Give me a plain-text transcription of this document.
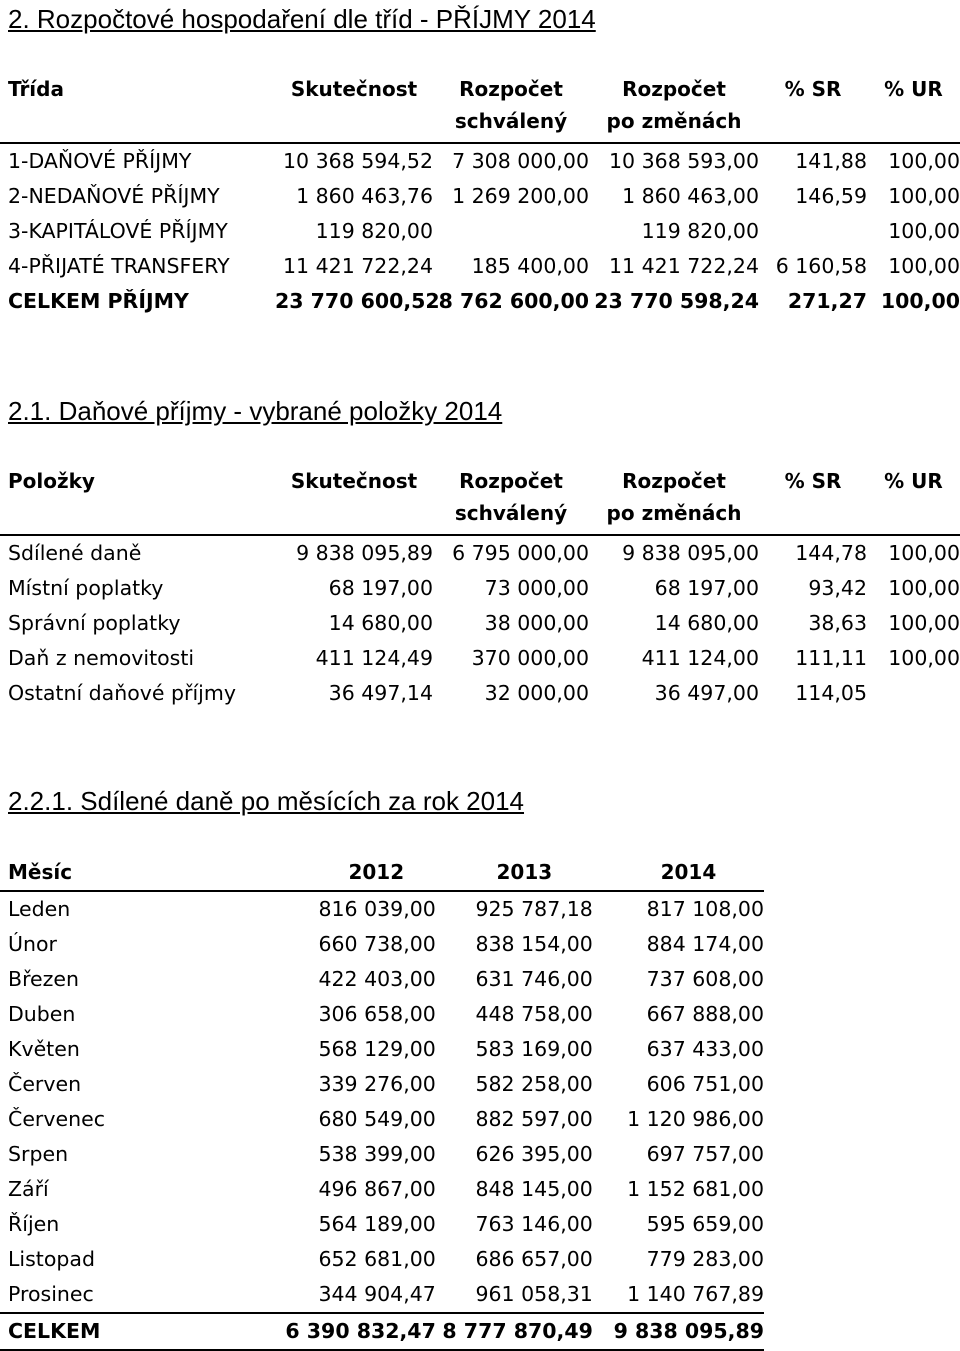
2. Rozpočtové hospodaření dle tříd - PŘÍJMY 2014
Třída	Skutečnost	Rozpočet	Rozpočet	% SR	% UR
		schválený	po změnách		
1-DAŇOVÉ PŘÍJMY	10 368 594,52	7 308 000,00	10 368 593,00	141,88	100,00
2-NEDAŇOVÉ PŘÍJMY	1 860 463,76	1 269 200,00	1 860 463,00	146,59	100,00
3-KAPITÁLOVÉ PŘÍJMY	119 820,00		119 820,00		100,00
4-PŘIJATÉ TRANSFERY	11 421 722,24	185 400,00	11 421 722,24	6 160,58	100,00
CELKEM PŘÍJMY	23 770 600,52	8 762 600,00	23 770 598,24	271,27	100,00
2.1. Daňové příjmy - vybrané položky 2014
Položky	Skutečnost	Rozpočet	Rozpočet	% SR	% UR
		schválený	po změnách		
Sdílené daně	9 838 095,89	6 795 000,00	9 838 095,00	144,78	100,00
Místní poplatky	68 197,00	73 000,00	68 197,00	93,42	100,00
Správní poplatky	14 680,00	38 000,00	14 680,00	38,63	100,00
Daň z nemovitosti	411 124,49	370 000,00	411 124,00	111,11	100,00
Ostatní daňové příjmy	36 497,14	32 000,00	36 497,00	114,05	
2.2.1. Sdílené daně po měsících za rok 2014
Měsíc	2012	2013	2014
Leden	816 039,00	925 787,18	817 108,00
Únor	660 738,00	838 154,00	884 174,00
Březen	422 403,00	631 746,00	737 608,00
Duben	306 658,00	448 758,00	667 888,00
Květen	568 129,00	583 169,00	637 433,00
Červen	339 276,00	582 258,00	606 751,00
Červenec	680 549,00	882 597,00	1 120 986,00
Srpen	538 399,00	626 395,00	697 757,00
Září	496 867,00	848 145,00	1 152 681,00
Říjen	564 189,00	763 146,00	595 659,00
Listopad	652 681,00	686 657,00	779 283,00
Prosinec	344 904,47	961 058,31	1 140 767,89
CELKEM	6 390 832,47	8 777 870,49	9 838 095,89
